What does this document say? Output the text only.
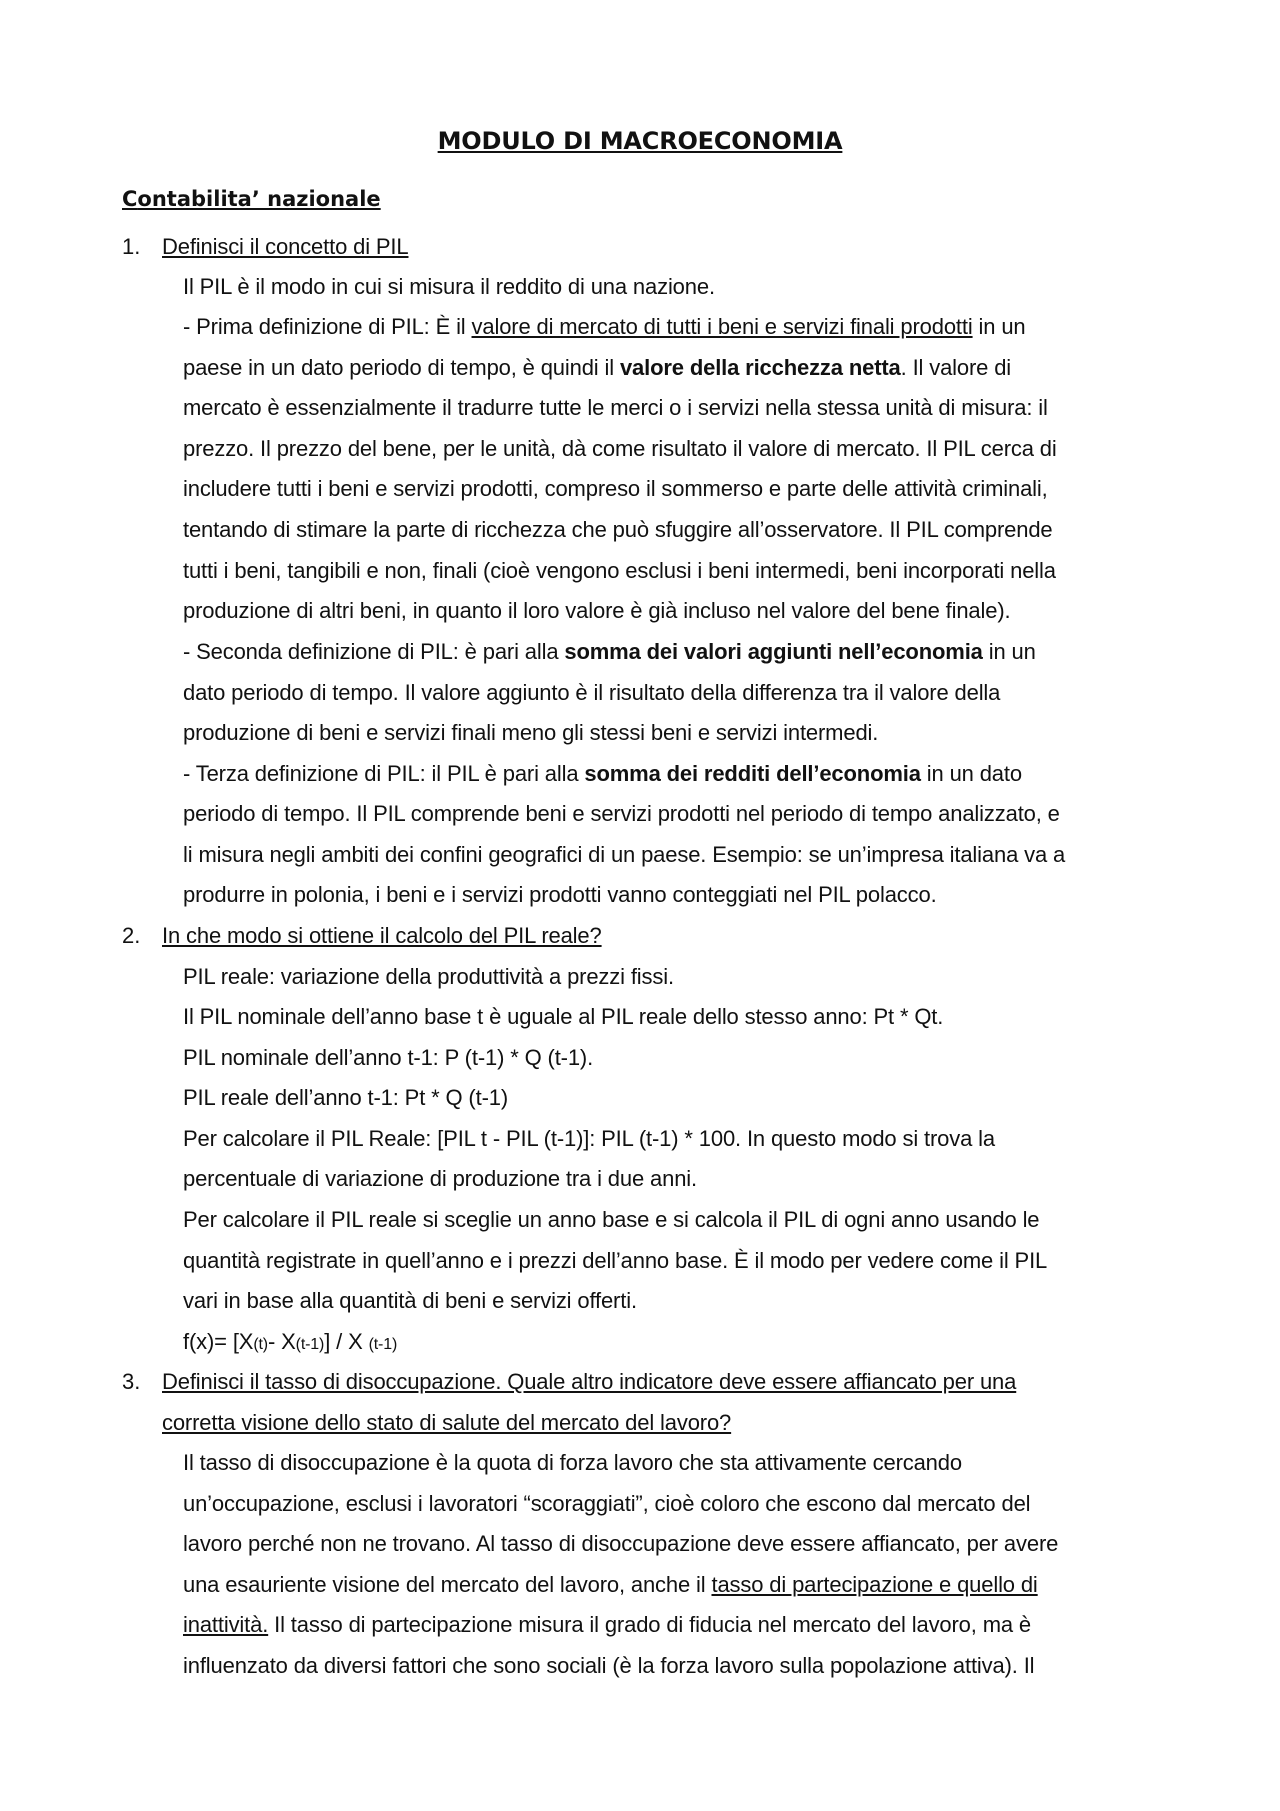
MODULO DI MACROECONOMIA
Contabilita’ nazionale
1. Definisci il concetto di PIL
Il PIL è il modo in cui si misura il reddito di una nazione.
- Prima definizione di PIL: È il valore di mercato di tutti i beni e servizi finali prodotti in un
paese in un dato periodo di tempo, è quindi il valore della ricchezza netta. Il valore di
mercato è essenzialmente il tradurre tutte le merci o i servizi nella stessa unità di misura: il
prezzo. Il prezzo del bene, per le unità, dà come risultato il valore di mercato. Il PIL cerca di
includere tutti i beni e servizi prodotti, compreso il sommerso e parte delle attività criminali,
tentando di stimare la parte di ricchezza che può sfuggire all’osservatore. Il PIL comprende
tutti i beni, tangibili e non, finali (cioè vengono esclusi i beni intermedi, beni incorporati nella
produzione di altri beni, in quanto il loro valore è già incluso nel valore del bene finale).
- Seconda definizione di PIL: è pari alla somma dei valori aggiunti nell’economia in un
dato periodo di tempo. Il valore aggiunto è il risultato della differenza tra il valore della
produzione di beni e servizi finali meno gli stessi beni e servizi intermedi.
- Terza definizione di PIL: il PIL è pari alla somma dei redditi dell’economia in un dato
periodo di tempo. Il PIL comprende beni e servizi prodotti nel periodo di tempo analizzato, e
li misura negli ambiti dei confini geografici di un paese. Esempio: se un’impresa italiana va a
produrre in polonia, i beni e i servizi prodotti vanno conteggiati nel PIL polacco.
2. In che modo si ottiene il calcolo del PIL reale?
PIL reale: variazione della produttività a prezzi fissi.
Il PIL nominale dell’anno base t è uguale al PIL reale dello stesso anno: Pt * Qt.
PIL nominale dell’anno t-1: P (t-1) * Q (t-1).
PIL reale dell’anno t-1: Pt * Q (t-1)
Per calcolare il PIL Reale: [PIL t - PIL (t-1)]: PIL (t-1) * 100. In questo modo si trova la
percentuale di variazione di produzione tra i due anni.
Per calcolare il PIL reale si sceglie un anno base e si calcola il PIL di ogni anno usando le
quantità registrate in quell’anno e i prezzi dell’anno base. È il modo per vedere come il PIL
vari in base alla quantità di beni e servizi offerti.
f(x)= [X(t)- X(t-1)] / X (t-1)
3. Definisci il tasso di disoccupazione. Quale altro indicatore deve essere affiancato per una
corretta visione dello stato di salute del mercato del lavoro?
Il tasso di disoccupazione è la quota di forza lavoro che sta attivamente cercando
un’occupazione, esclusi i lavoratori “scoraggiati”, cioè coloro che escono dal mercato del
lavoro perché non ne trovano. Al tasso di disoccupazione deve essere affiancato, per avere
una esauriente visione del mercato del lavoro, anche il tasso di partecipazione e quello di
inattività. Il tasso di partecipazione misura il grado di fiducia nel mercato del lavoro, ma è
influenzato da diversi fattori che sono sociali (è la forza lavoro sulla popolazione attiva). Il
